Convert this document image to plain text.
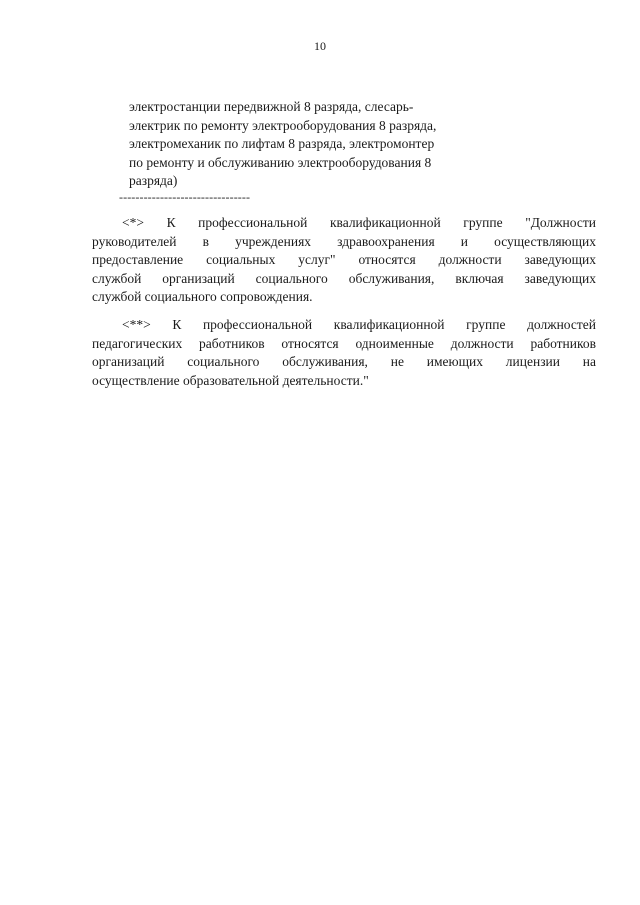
10
электростанции передвижной 8 разряда, слесарь-
электрик по ремонту электрооборудования 8 разряда,
электромеханик по лифтам 8 разряда, электромонтер
по ремонту и обслуживанию электрооборудования 8
разряда)
--------------------------------
<*> К профессиональной квалификационной группе "Должности
руководителей в учреждениях здравоохранения и осуществляющих
предоставление социальных услуг" относятся должности заведующих
службой организаций социального обслуживания, включая заведующих
службой социального сопровождения.
<**> К профессиональной квалификационной группе должностей
педагогических работников относятся одноименные должности работников
организаций социального обслуживания, не имеющих лицензии на
осуществление образовательной деятельности."
